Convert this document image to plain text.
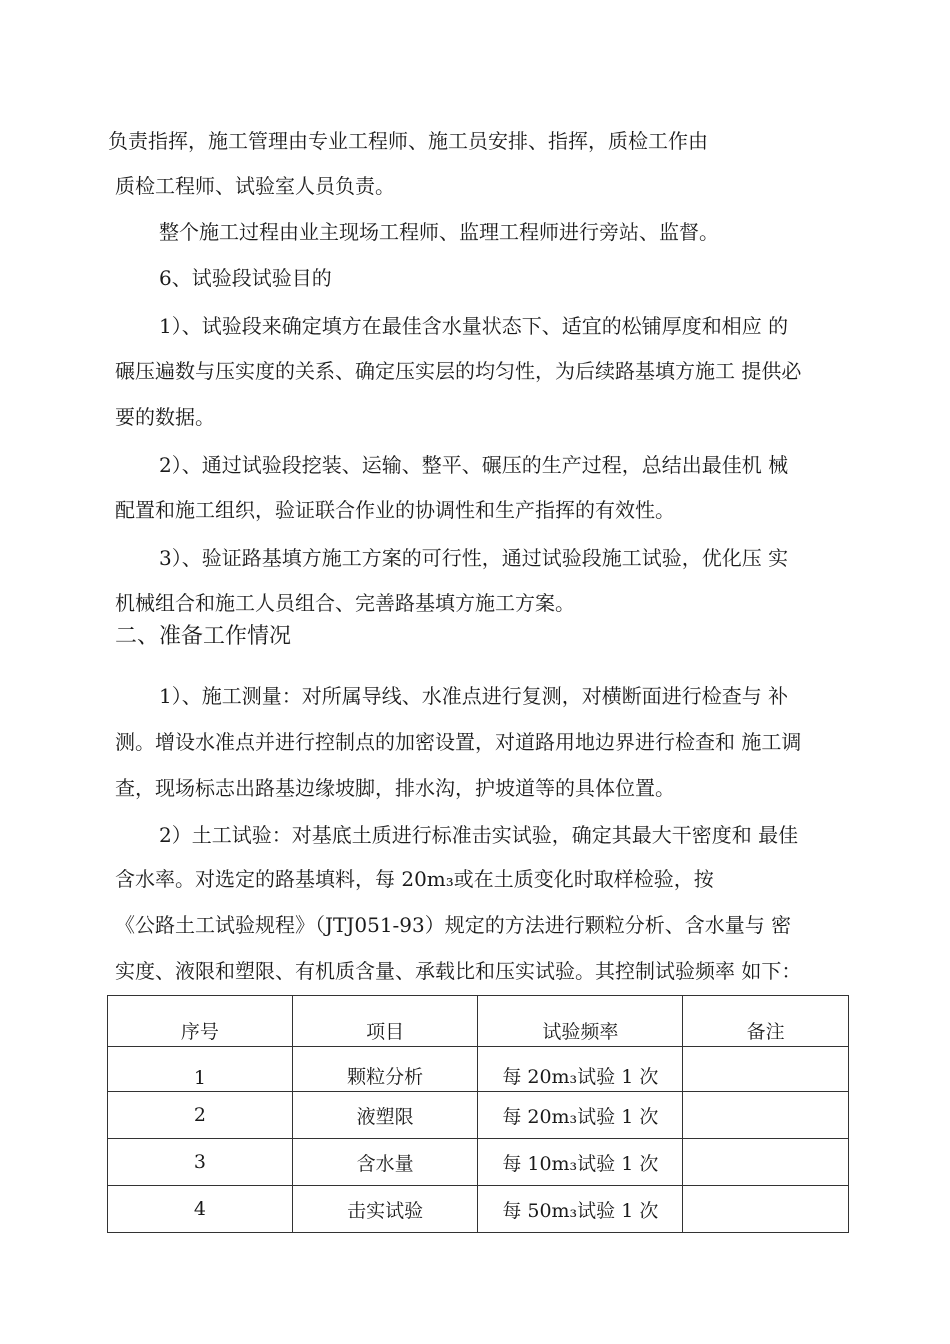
负责指挥，施工管理由专业工程师、施工员安排、指挥，质检工作由
质检工程师、试验室人员负责。
整个施工过程由业主现场工程师、监理工程师进行旁站、监督。
6、试验段试验目的
1）、试验段来确定填方在最佳含水量状态下、适宜的松铺厚度和相应 的
碾压遍数与压实度的关系、确定压实层的均匀性，为后续路基填方施工 提供必
要的数据。
2）、通过试验段挖装、运输、整平、碾压的生产过程，总结出最佳机 械
配置和施工组织，验证联合作业的协调性和生产指挥的有效性。
3）、验证路基填方施工方案的可行性，通过试验段施工试验，优化压 实
机械组合和施工人员组合、完善路基填方施工方案。
二、准备工作情况
1）、施工测量：对所属导线、水准点进行复测，对横断面进行检查与 补
测。增设水准点并进行控制点的加密设置，对道路用地边界进行检查和 施工调
查，现场标志出路基边缘坡脚，排水沟，护坡道等的具体位置。
2）土工试验：对基底土质进行标准击实试验，确定其最大干密度和 最佳
含水率。对选定的路基填料，每 20m₃或在土质变化时取样检验，按
《公路土工试验规程》（JTJ051-93）规定的方法进行颗粒分析、含水量与 密
实度、液限和塑限、有机质含量、承载比和压实试验。其控制试验频率 如下：
序号	项目	试验频率	备注
1	颗粒分析	每 20m₃试验 1 次	
2	液塑限	每 20m₃试验 1 次	
3	含水量	每 10m₃试验 1 次	
4	击实试验	每 50m₃试验 1 次	
